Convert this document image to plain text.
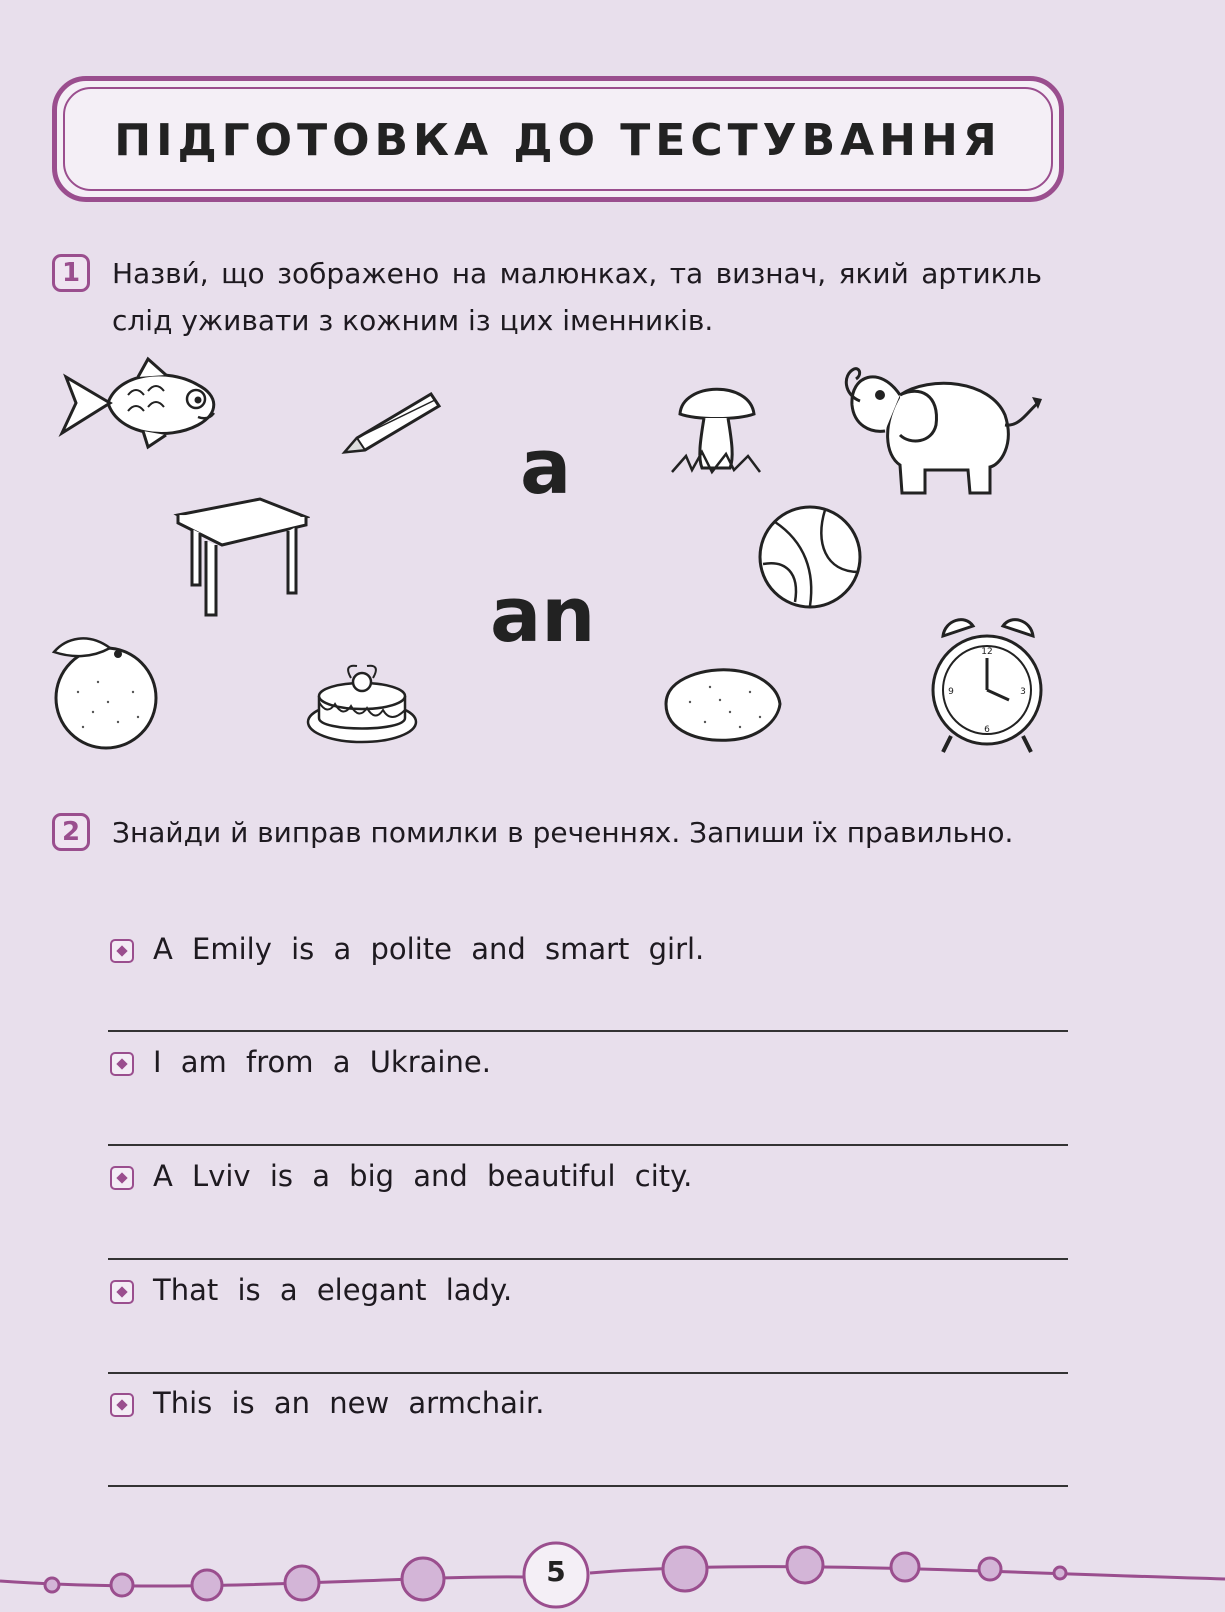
ПІДГОТОВКА ДО ТЕСТУВАННЯ
1	Назви́, що зображено на малюнках, та визнач, який артикль слід уживати з кожним із цих іменників.
a
an	12
3
6
9
2	Знайди й виправ помилки в реченнях. Запиши їх правильно.
A Emily is a polite and smart girl.
I am from a Ukraine.
A Lviv is a big and beautiful city.
That is a elegant lady.
This is an new armchair.
5
